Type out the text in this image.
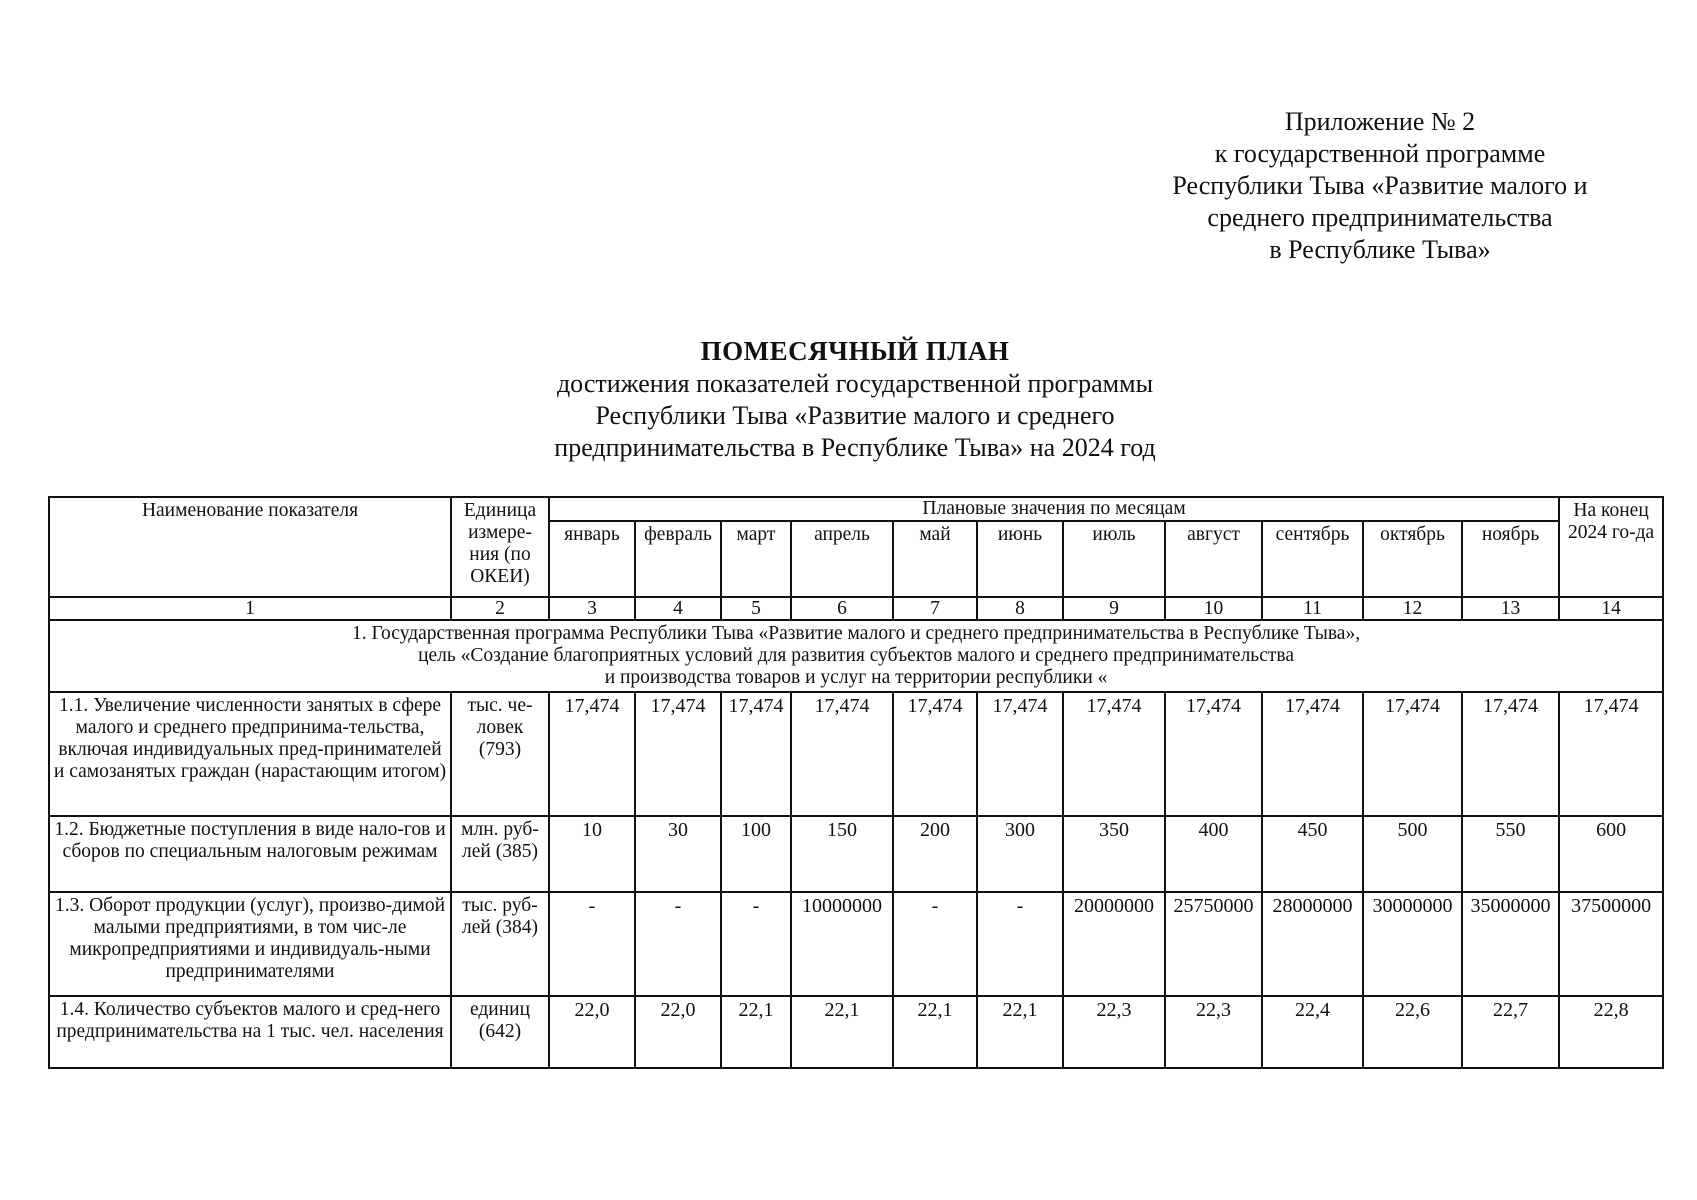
Приложение № 2
к государственной программе
Республики Тыва «Развитие малого и
среднего предпринимательства
в Республике Тыва»
ПОМЕСЯЧНЫЙ ПЛАН
достижения показателей государственной программы
Республики Тыва «Развитие малого и среднего
предпринимательства в Республике Тыва» на 2024 год
Наименование показателя	Единица измере-ния (по ОКЕИ)	Плановые значения по месяцам											На конец 2024 го-да
		январь	февраль	март	апрель	май	июнь	июль	август	сентябрь	октябрь	ноябрь	
1	2	3	4	5	6	7	8	9	10	11	12	13	14

1. Государственная программа Республики Тыва «Развитие малого и среднего предпринимательства в Республике Тыва»,
цель «Создание благоприятных условий для развития субъектов малого и среднего предпринимательства
и производства товаров и услуг на территории республики «													

1.1. Увеличение численности занятых в сфере малого и среднего предпринима-тельства, включая индивидуальных пред-принимателей и самозанятых граждан (нарастающим итогом)	тыс. че-ловек (793)	17,474	17,474	17,474	17,474	17,474	17,474	17,474	17,474	17,474	17,474	17,474	17,474
1.2. Бюджетные поступления в виде нало-гов и сборов по специальным налоговым режимам	млн. руб-лей (385)	10	30	100	150	200	300	350	400	450	500	550	600
1.3. Оборот продукции (услуг), произво-димой малыми предприятиями, в том чис-ле микропредприятиями и индивидуаль-ными предпринимателями	тыс. руб-лей (384)	-	-	-	10000000	-	-	20000000	25750000	28000000	30000000	35000000	37500000
1.4. Количество субъектов малого и сред-него предпринимательства на 1 тыс. чел. населения	единиц (642)	22,0	22,0	22,1	22,1	22,1	22,1	22,3	22,3	22,4	22,6	22,7	22,8
